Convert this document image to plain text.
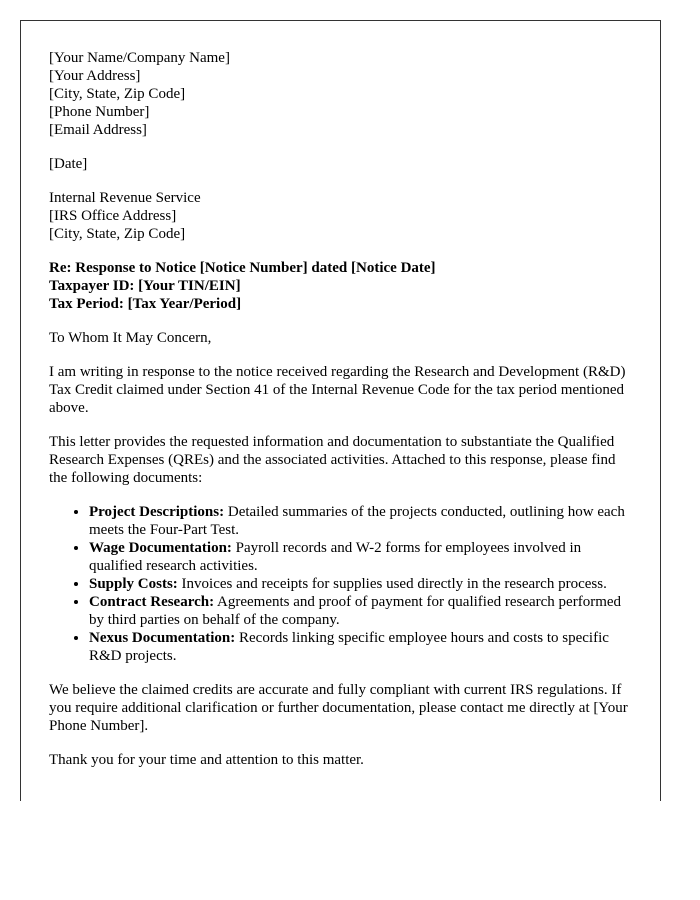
[Your Name/Company Name]
[Your Address]
[City, State, Zip Code]
[Phone Number]
[Email Address]

[Date]

Internal Revenue Service
[IRS Office Address]
[City, State, Zip Code]

Re: Response to Notice [Notice Number] dated [Notice Date]
Taxpayer ID: [Your TIN/EIN]
Tax Period: [Tax Year/Period]

To Whom It May Concern,

I am writing in response to the notice received regarding the Research and Development (R&D) Tax Credit claimed under Section 41 of the Internal Revenue Code for the tax period mentioned above.

This letter provides the requested information and documentation to substantiate the Qualified Research Expenses (QREs) and the associated activities. Attached to this response, please find the following documents:

• Project Descriptions: Detailed summaries of the projects conducted, outlining how each meets the Four-Part Test.
• Wage Documentation: Payroll records and W-2 forms for employees involved in qualified research activities.
• Supply Costs: Invoices and receipts for supplies used directly in the research process.
• Contract Research: Agreements and proof of payment for qualified research performed by third parties on behalf of the company.
• Nexus Documentation: Records linking specific employee hours and costs to specific R&D projects.

We believe the claimed credits are accurate and fully compliant with current IRS regulations. If you require additional clarification or further documentation, please contact me directly at [Your Phone Number].

Thank you for your time and attention to this matter.
